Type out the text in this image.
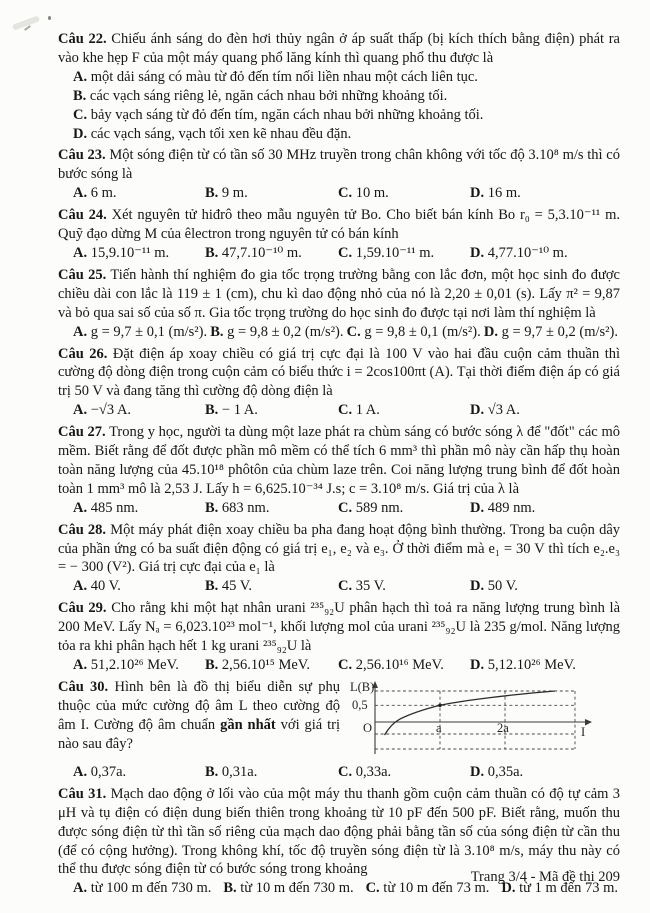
Câu 22. Chiếu ánh sáng do đèn hơi thủy ngân ở áp suất thấp (bị kích thích bằng điện) phát ra vào khe hẹp F của một máy quang phổ lăng kính thì quang phổ thu được là

A. một dải sáng có màu từ đỏ đến tím nối liền nhau một cách liên tục.
B. các vạch sáng riêng lẻ, ngăn cách nhau bởi những khoảng tối.
C. bảy vạch sáng từ đỏ đến tím, ngăn cách nhau bởi những khoảng tối.
D. các vạch sáng, vạch tối xen kẽ nhau đều đặn.

Câu 23. Một sóng điện từ có tần số 30 MHz truyền trong chân không với tốc độ 3.10⁸ m/s thì có bước sóng là

A. 6 m.	B. 9 m.	C. 10 m.	D. 16 m.

Câu 24. Xét nguyên tử hiđrô theo mẫu nguyên tử Bo. Cho biết bán kính Bo r₀ = 5,3.10⁻¹¹ m. Quỹ đạo dừng M của êlectron trong nguyên tử có bán kính

A. 15,9.10⁻¹¹ m.	B. 47,7.10⁻¹⁰ m.	C. 1,59.10⁻¹¹ m.	D. 4,77.10⁻¹⁰ m.

Câu 25. Tiến hành thí nghiệm đo gia tốc trọng trường bằng con lắc đơn, một học sinh đo được chiều dài con lắc là 119 ± 1 (cm), chu kì dao động nhỏ của nó là 2,20 ± 0,01 (s). Lấy π² = 9,87 và bỏ qua sai số của số π. Gia tốc trọng trường do học sinh đo được tại nơi làm thí nghiệm là

A. g = 9,7 ± 0,1 (m/s²). B. g = 9,8 ± 0,2 (m/s²). C. g = 9,8 ± 0,1 (m/s²). D. g = 9,7 ± 0,2 (m/s²).

Câu 26. Đặt điện áp xoay chiều có giá trị cực đại là 100 V vào hai đầu cuộn cảm thuần thì cường độ dòng điện trong cuộn cảm có biểu thức i = 2cos100πt (A). Tại thời điểm điện áp có giá trị 50 V và đang tăng thì cường độ dòng điện là

A. −√3 A.	B. − 1 A.	C. 1 A.	D. √3 A.

Câu 27. Trong y học, người ta dùng một laze phát ra chùm sáng có bước sóng λ để "đốt" các mô mềm. Biết rằng để đốt được phần mô mềm có thể tích 6 mm³ thì phần mô này cần hấp thụ hoàn toàn năng lượng của 45.10¹⁸ phôtôn của chùm laze trên. Coi năng lượng trung bình để đốt hoàn toàn 1 mm³ mô là 2,53 J. Lấy h = 6,625.10⁻³⁴ J.s; c = 3.10⁸ m/s. Giá trị của λ là

A. 485 nm.	B. 683 nm.	C. 589 nm.	D. 489 nm.

Câu 28. Một máy phát điện xoay chiều ba pha đang hoạt động bình thường. Trong ba cuộn dây của phần ứng có ba suất điện động có giá trị e₁, e₂ và e₃. Ở thời điểm mà e₁ = 30 V thì tích e₂.e₃ = − 300 (V²). Giá trị cực đại của e₁ là

A. 40 V.	B. 45 V.	C. 35 V.	D. 50 V.

Câu 29. Cho rằng khi một hạt nhân urani ²³⁵₉₂U phân hạch thì toả ra năng lượng trung bình là 200 MeV. Lấy Nₐ = 6,023.10²³ mol⁻¹, khối lượng mol của urani ²³⁵₉₂U là 235 g/mol. Năng lượng tỏa ra khi phân hạch hết 1 kg urani ²³⁵₉₂U là

A. 51,2.10²⁶ MeV.	B. 2,56.10¹⁵ MeV.	C. 2,56.10¹⁶ MeV.	D. 5,12.10²⁶ MeV.
L(B)
0,5
O	a	2a	I

Câu 30. Hình bên là đồ thị biểu diễn sự phụ thuộc của mức cường độ âm L theo cường độ âm I. Cường độ âm chuẩn gần nhất với giá trị nào sau đây?

A. 0,37a.	B. 0,31a.	C. 0,33a.	D. 0,35a.

Câu 31. Mạch dao động ở lối vào của một máy thu thanh gồm cuộn cảm thuần có độ tự cảm 3 μH và tụ điện có điện dung biến thiên trong khoảng từ 10 pF đến 500 pF. Biết rằng, muốn thu được sóng điện từ thì tần số riêng của mạch dao động phải bằng tần số của sóng điện từ cần thu (để có cộng hưởng). Trong không khí, tốc độ truyền sóng điện từ là 3.10⁸ m/s, máy thu này có thể thu được sóng điện từ có bước sóng trong khoảng

A. từ 100 m đến 730 m. B. từ 10 m đến 730 m. C. từ 10 m đến 73 m. D. từ 1 m đến 73 m.
Trang 3/4 - Mã đề thi 209
